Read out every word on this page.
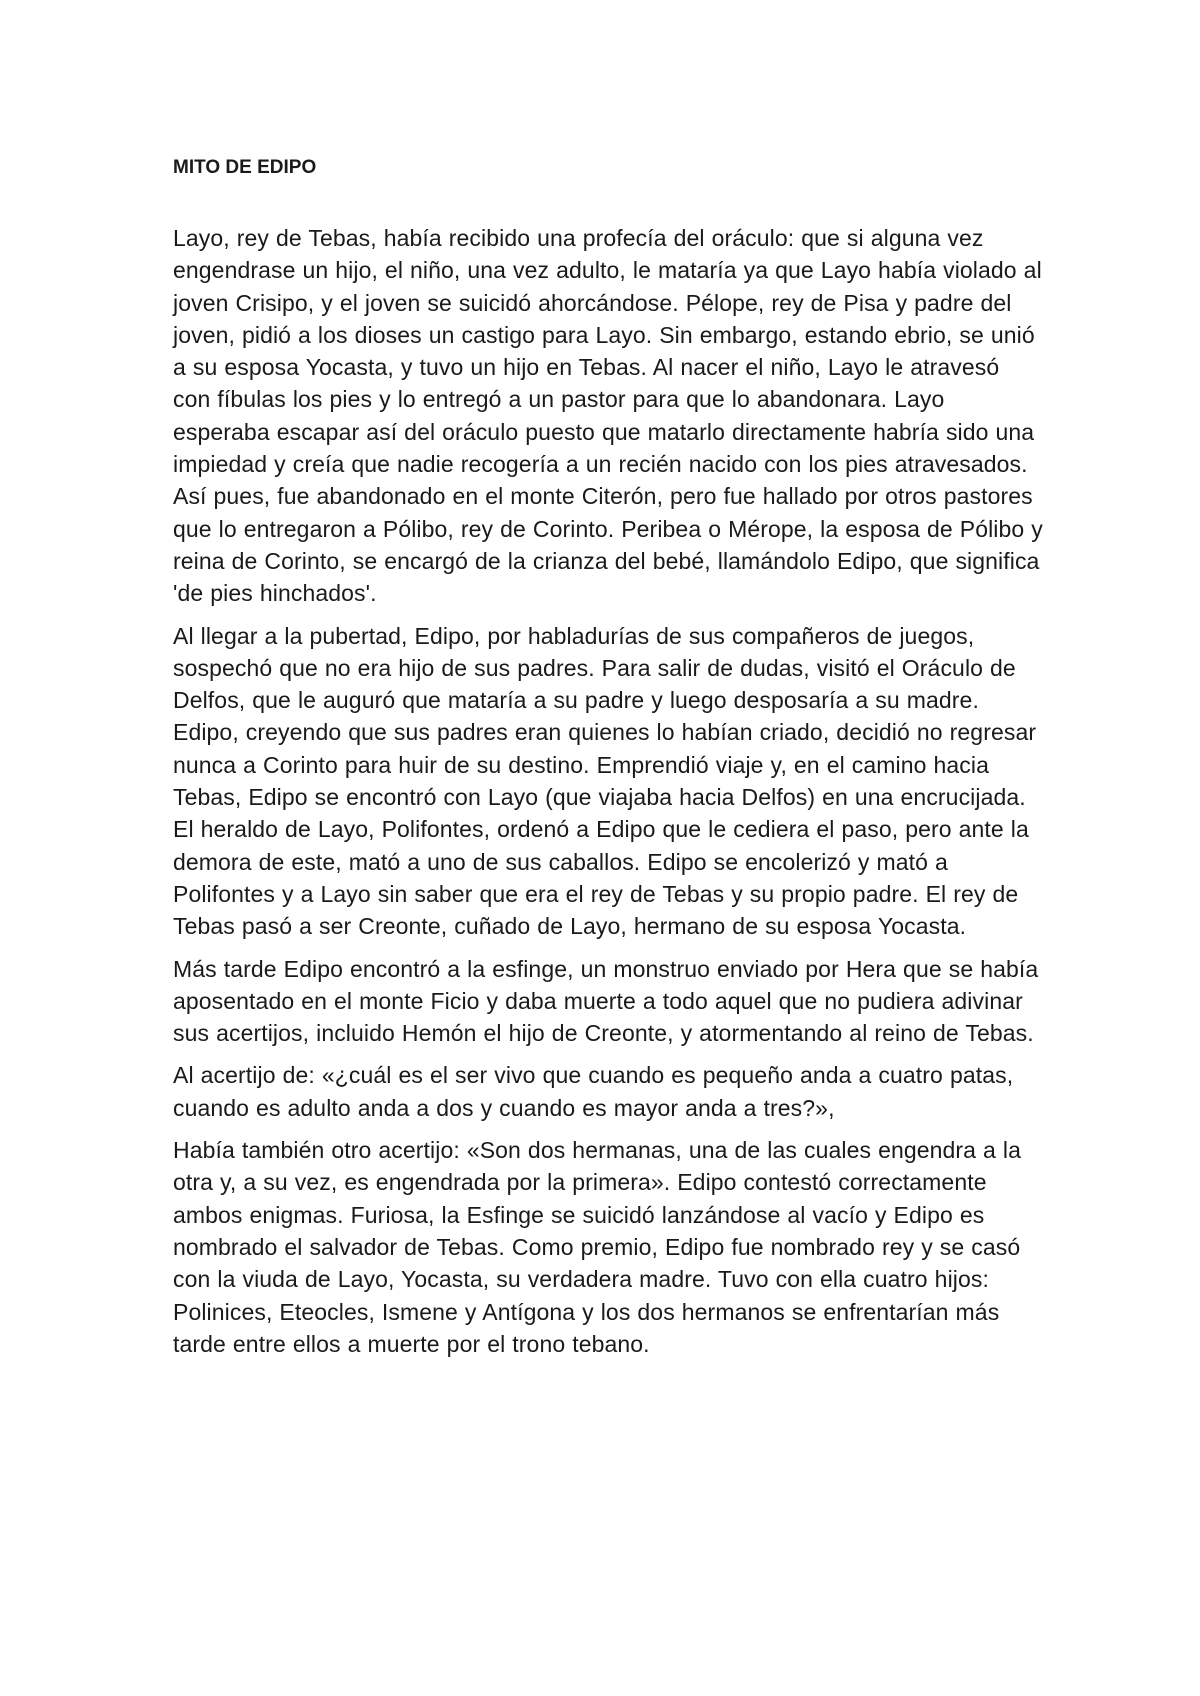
MITO DE EDIPO

Layo, rey de Tebas, había recibido una profecía del oráculo: que si alguna vez engendrase un hijo, el niño, una vez adulto, le mataría ya que Layo había violado al joven Crisipo, y el joven se suicidó ahorcándose. Pélope, rey de Pisa y padre del joven, pidió a los dioses un castigo para Layo. Sin embargo, estando ebrio, se unió a su esposa Yocasta, y tuvo un hijo en Tebas. Al nacer el niño, Layo le atravesó con fíbulas los pies y lo entregó a un pastor para que lo abandonara. Layo esperaba escapar así del oráculo puesto que matarlo directamente habría sido una impiedad y creía que nadie recogería a un recién nacido con los pies atravesados. Así pues, fue abandonado en el monte Citerón, pero fue hallado por otros pastores que lo entregaron a Pólibo, rey de Corinto. Peribea o Mérope, la esposa de Pólibo y reina de Corinto, se encargó de la crianza del bebé, llamándolo Edipo, que significa 'de pies hinchados'.

Al llegar a la pubertad, Edipo, por habladurías de sus compañeros de juegos, sospechó que no era hijo de sus padres. Para salir de dudas, visitó el Oráculo de Delfos, que le auguró que mataría a su padre y luego desposaría a su madre. Edipo, creyendo que sus padres eran quienes lo habían criado, decidió no regresar nunca a Corinto para huir de su destino. Emprendió viaje y, en el camino hacia Tebas, Edipo se encontró con Layo (que viajaba hacia Delfos) en una encrucijada. El heraldo de Layo, Polifontes, ordenó a Edipo que le cediera el paso, pero ante la demora de este, mató a uno de sus caballos. Edipo se encolerizó y mató a Polifontes y a Layo sin saber que era el rey de Tebas y su propio padre. El rey de Tebas pasó a ser Creonte, cuñado de Layo, hermano de su esposa Yocasta.

Más tarde Edipo encontró a la esfinge, un monstruo enviado por Hera que se había aposentado en el monte Ficio y daba muerte a todo aquel que no pudiera adivinar sus acertijos, incluido Hemón el hijo de Creonte, y atormentando al reino de Tebas.

Al acertijo de: «¿cuál es el ser vivo que cuando es pequeño anda a cuatro patas, cuando es adulto anda a dos y cuando es mayor anda a tres?»,

Había también otro acertijo: «Son dos hermanas, una de las cuales engendra a la otra y, a su vez, es engendrada por la primera». Edipo contestó correctamente ambos enigmas. Furiosa, la Esfinge se suicidó lanzándose al vacío y Edipo es nombrado el salvador de Tebas. Como premio, Edipo fue nombrado rey y se casó con la viuda de Layo, Yocasta, su verdadera madre. Tuvo con ella cuatro hijos: Polinices, Eteocles, Ismene y Antígona y los dos hermanos se enfrentarían más tarde entre ellos a muerte por el trono tebano.
